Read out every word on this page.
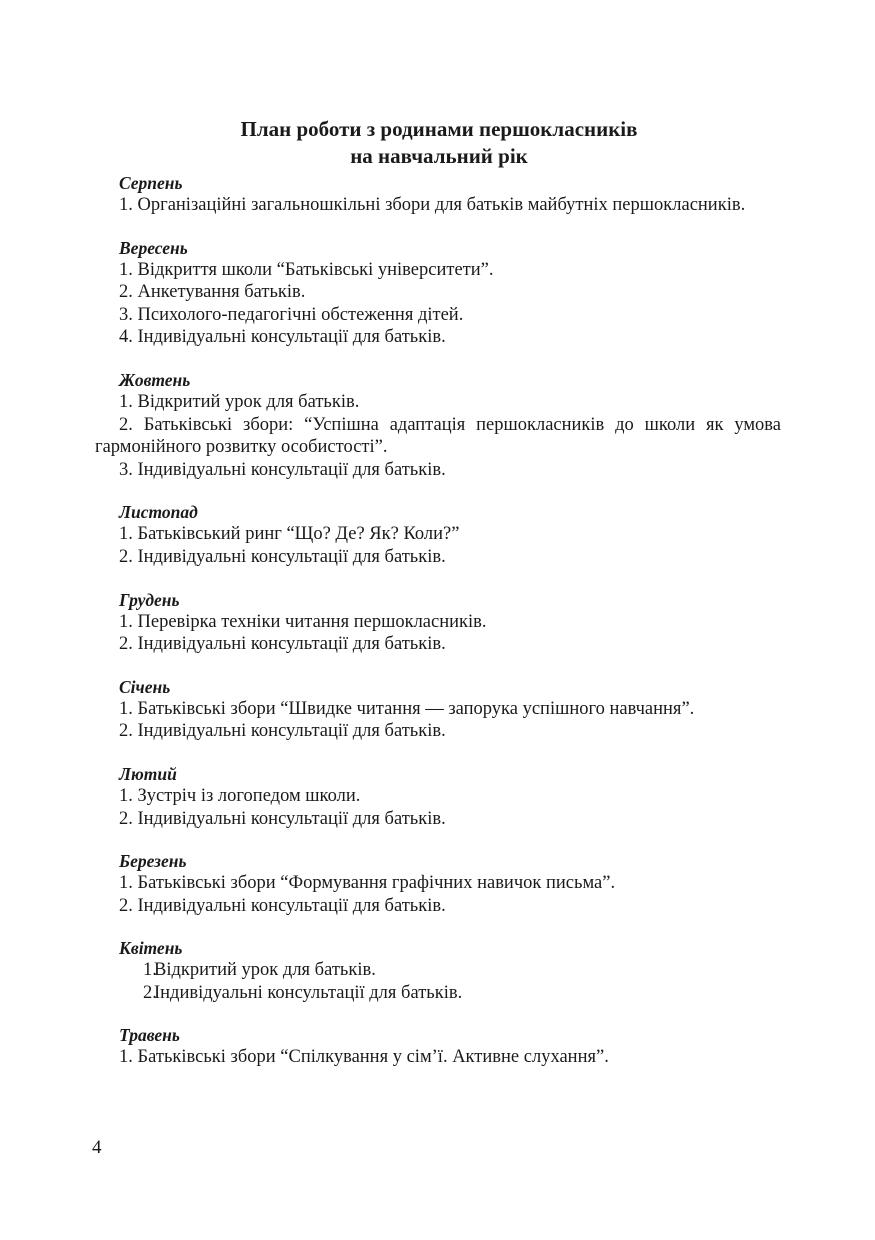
План роботи з родинами першокласників
на навчальний рік

Серпень

1. Організаційні загальношкільні збори для батьків майбутніх першокласників.

Вересень

1. Відкриття школи “Батьківські університети”.

2. Анкетування батьків.

3. Психолого-педагогічні обстеження дітей.

4. Індивідуальні консультації для батьків.

Жовтень

1. Відкритий урок для батьків.

2. Батьківські збори: “Успішна адаптація першокласників до школи як умова гармонійного розвитку особистості”.

3. Індивідуальні консультації для батьків.

Листопад

1. Батьківський ринг “Що? Де? Як? Коли?”

2. Індивідуальні консультації для батьків.

Грудень

1. Перевірка техніки читання першокласників.

2. Індивідуальні консультації для батьків.

Січень

1. Батьківські збори “Швидке читання — запорука успішного навчання”.

2. Індивідуальні консультації для батьків.

Лютий

1. Зустріч із логопедом школи.

2. Індивідуальні консультації для батьків.

Березень

1. Батьківські збори “Формування графічних навичок письма”.

2. Індивідуальні консультації для батьків.

Квітень

1.Відкритий урок для батьків.

2.Індивідуальні консультації для батьків.

Травень

1. Батьківські збори “Спілкування у сім’ї. Активне слухання”.

4
